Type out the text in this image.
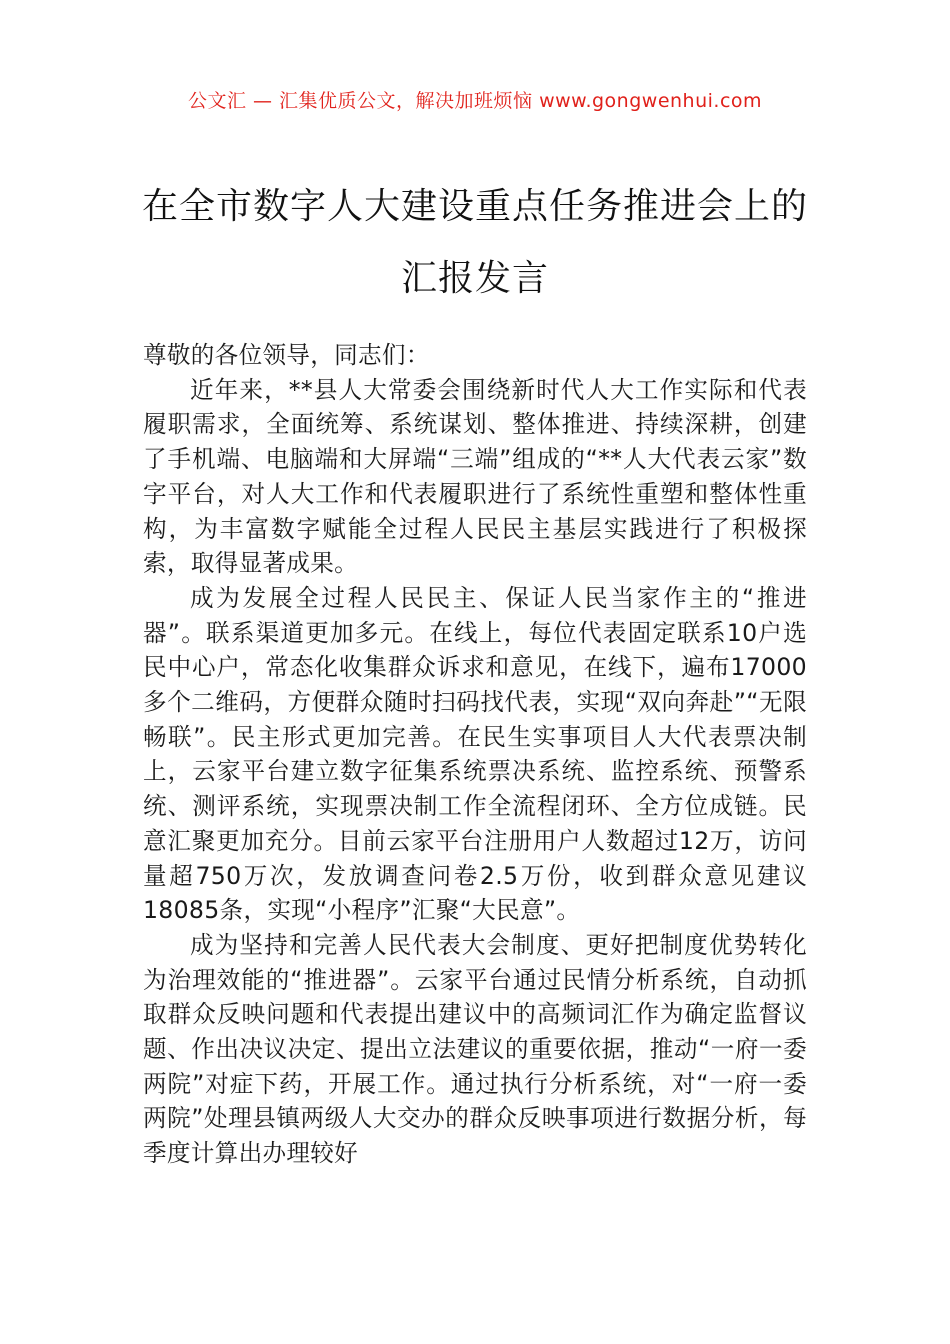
公文汇 — 汇集优质公文，解决加班烦恼 www.gongwenhui.com
在全市数字人大建设重点任务推进会上的
汇报发言

尊敬的各位领导，同志们：

近年来，**县人大常委会围绕新时代人大工作实际和代表履职需求，全面统筹、系统谋划、整体推进、持续深耕，创建了手机端、电脑端和大屏端“三端”组成的“**人大代表云家”数字平台，对人大工作和代表履职进行了系统性重塑和整体性重构，为丰富数字赋能全过程人民民主基层实践进行了积极探索，取得显著成果。

成为发展全过程人民民主、保证人民当家作主的“推进器”。联系渠道更加多元。在线上，每位代表固定联系10户选民中心户，常态化收集群众诉求和意见，在线下，遍布17000多个二维码，方便群众随时扫码找代表，实现“双向奔赴”“无限畅联”。民主形式更加完善。在民生实事项目人大代表票决制上，云家平台建立数字征集系统票决系统、监控系统、预警系统、测评系统，实现票决制工作全流程闭环、全方位成链。民意汇聚更加充分。目前云家平台注册用户人数超过12万，访问量超750万次，发放调查问卷2.5万份，收到群众意见建议18085条，实现“小程序”汇聚“大民意”。

成为坚持和完善人民代表大会制度、更好把制度优势转化为治理效能的“推进器”。云家平台通过民情分析系统，自动抓取群众反映问题和代表提出建议中的高频词汇作为确定监督议题、作出决议决定、提出立法建议的重要依据，推动“一府一委两院”对症下药，开展工作。通过执行分析系统，对“一府一委两院”处理县镇两级人大交办的群众反映事项进行数据分析，每季度计算出办理较好
